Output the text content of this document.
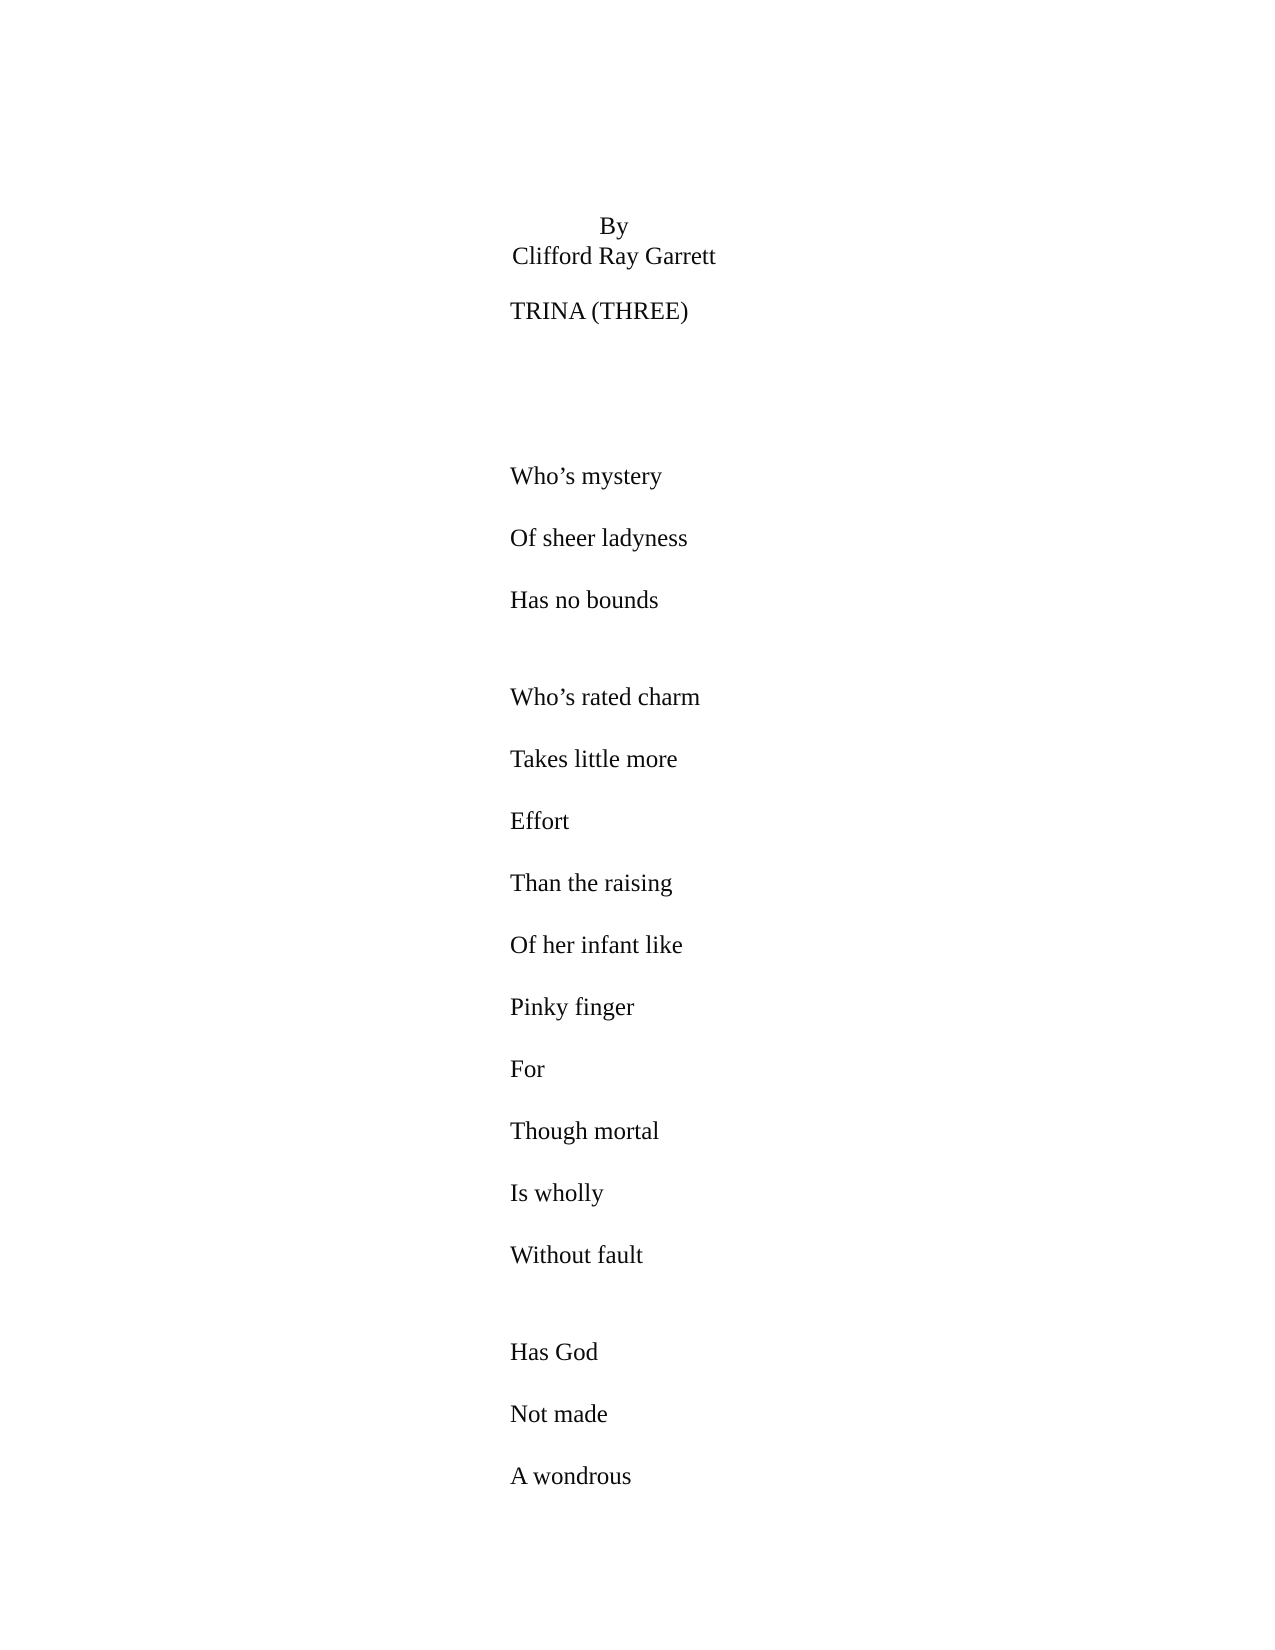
By
Clifford Ray Garrett
TRINA (THREE)
Who’s mystery
Of sheer ladyness
Has no bounds
Who’s rated charm
Takes little more
Effort
Than the raising
Of her infant like
Pinky finger
For
Though mortal
Is wholly
Without fault
Has God
Not made
A wondrous
